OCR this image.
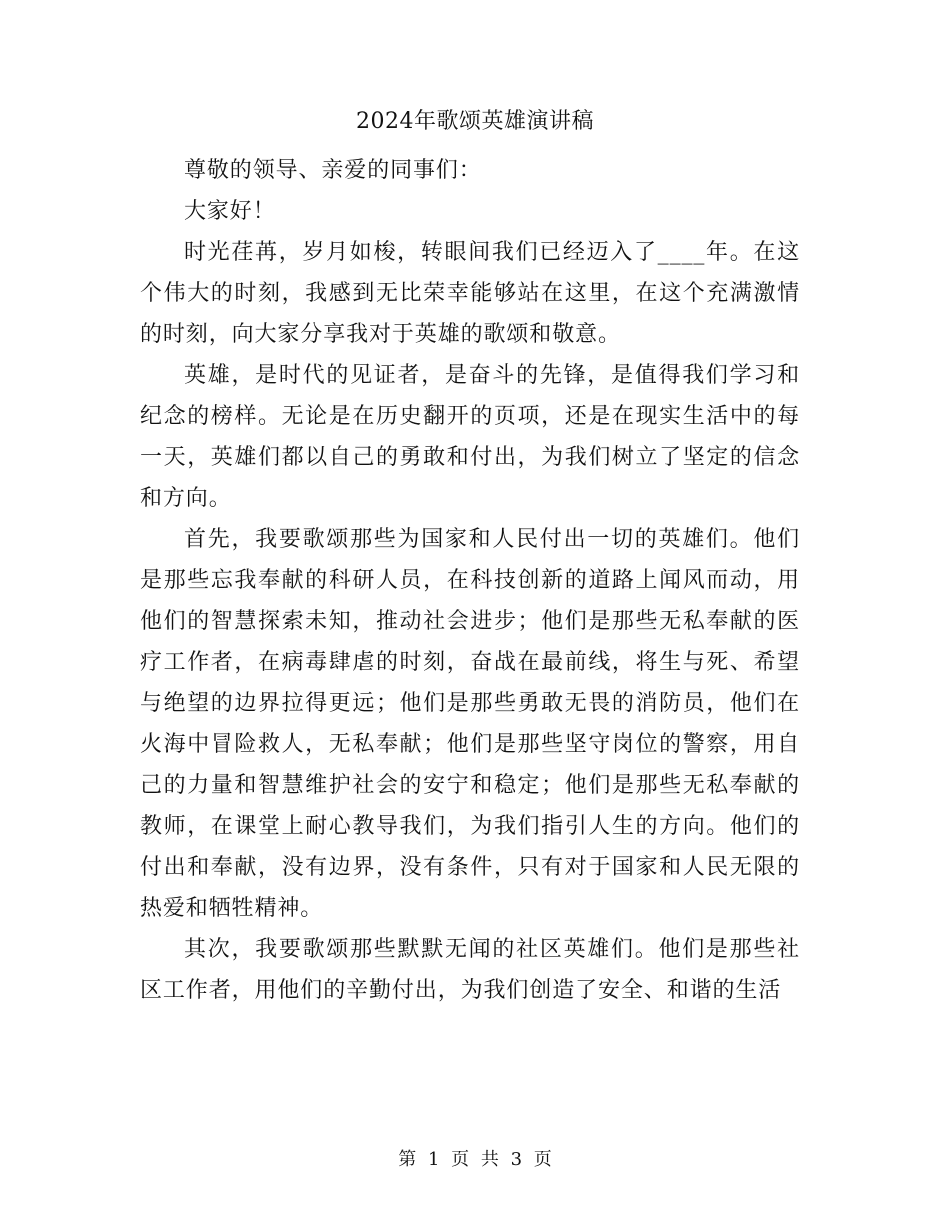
2024年歌颂英雄演讲稿

尊敬的领导、亲爱的同事们：

大家好！

时光荏苒，岁月如梭，转眼间我们已经迈入了____年。在这个伟大的时刻，我感到无比荣幸能够站在这里，在这个充满激情的时刻，向大家分享我对于英雄的歌颂和敬意。

英雄，是时代的见证者，是奋斗的先锋，是值得我们学习和纪念的榜样。无论是在历史翻开的页项，还是在现实生活中的每一天，英雄们都以自己的勇敢和付出，为我们树立了坚定的信念和方向。

首先，我要歌颂那些为国家和人民付出一切的英雄们。他们是那些忘我奉献的科研人员，在科技创新的道路上闻风而动，用他们的智慧探索未知，推动社会进步；他们是那些无私奉献的医疗工作者，在病毒肆虐的时刻，奋战在最前线，将生与死、希望与绝望的边界拉得更远；他们是那些勇敢无畏的消防员，他们在火海中冒险救人，无私奉献；他们是那些坚守岗位的警察，用自己的力量和智慧维护社会的安宁和稳定；他们是那些无私奉献的教师，在课堂上耐心教导我们，为我们指引人生的方向。他们的付出和奉献，没有边界，没有条件，只有对于国家和人民无限的热爱和牺牲精神。

其次，我要歌颂那些默默无闻的社区英雄们。他们是那些社区工作者，用他们的辛勤付出，为我们创造了安全、和谐的生活

第 1 页 共 3 页
